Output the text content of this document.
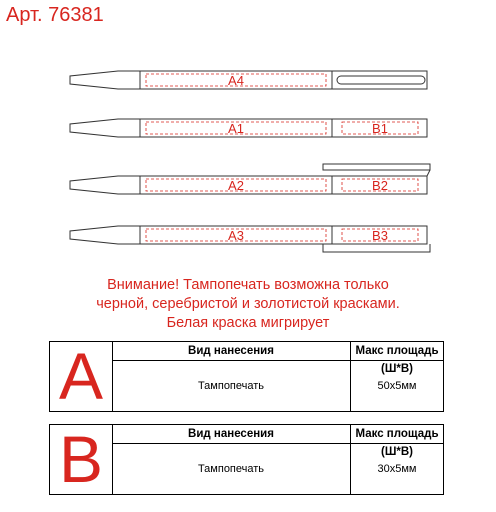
Арт. 76381
A4
A1	B1
A2	B2
A3	B3
Внимание! Тампопечать возможна только
черной, серебристой и золотистой красками.
Белая краска мигрирует
A	Вид нанесения	Макс площадь (Ш*В)
Тампопечать	50x5мм
B	Вид нанесения	Макс площадь (Ш*В)
Тампопечать	30x5мм
